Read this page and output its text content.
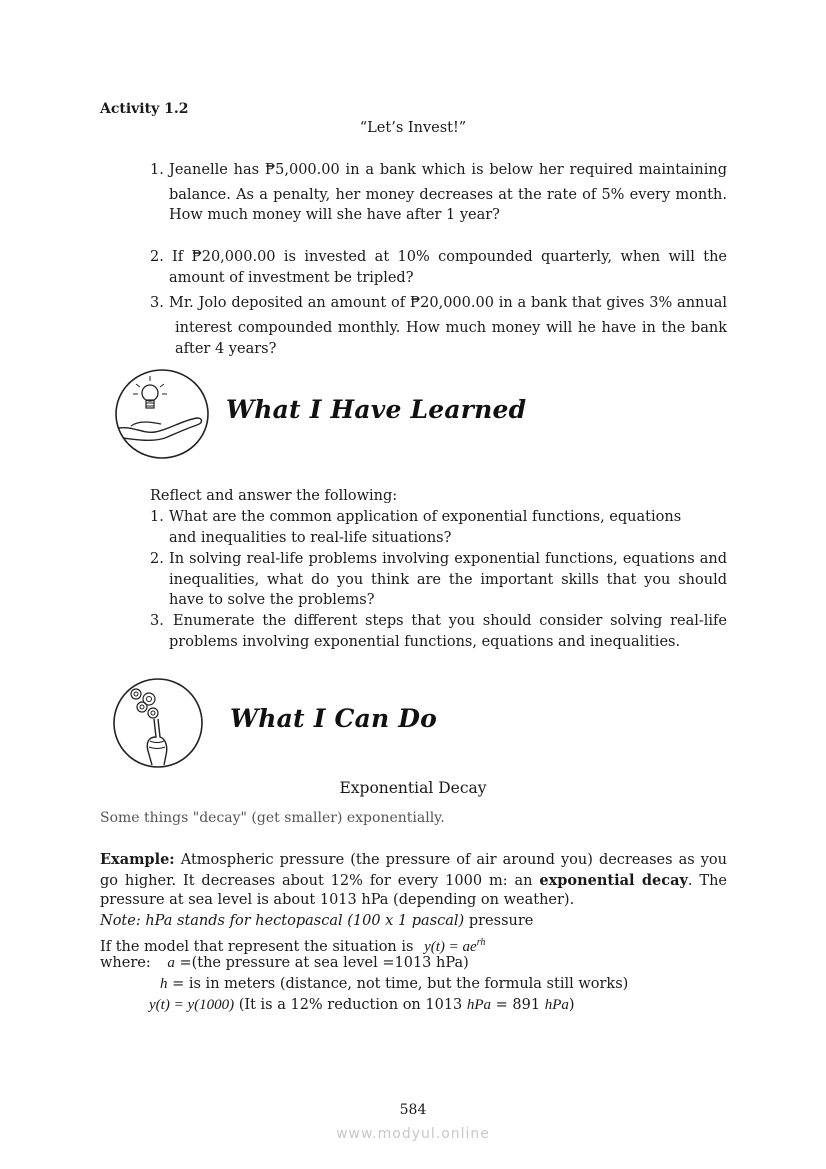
Activity 1.2
“Let’s Invest!”
1. Jeanelle has ₱5,000.00 in a bank which is below her required maintaining
balance. As a penalty, her money decreases at the rate of 5% every month.
How much money will she have after 1 year?
2. If ₱20,000.00 is invested at 10% compounded quarterly, when will the
amount of investment be tripled?
3. Mr. Jolo deposited an amount of ₱20,000.00 in a bank that gives 3% annual
interest compounded monthly. How much money will he have in the bank
after 4 years?
What I Have Learned
Reflect and answer the following:
1. What are the common application of exponential functions, equations
and inequalities to real-life situations?
2. In solving real-life problems involving exponential functions, equations and
inequalities, what do you think are the important skills that you should
have to solve the problems?
3. Enumerate the different steps that you should consider solving real-life
problems involving exponential functions, equations and inequalities.
What I Can Do
Exponential Decay
Some things "decay" (get smaller) exponentially.
Example: Atmospheric pressure (the pressure of air around you) decreases as you
go higher. It decreases about 12% for every 1000 m: an exponential decay. The
pressure at sea level is about 1013 hPa (depending on weather).
Note: hPa stands for hectopascal (100 x 1 pascal) pressure
If the model that represent the situation is $y(t) = ae^{rh}$
where: a =(the pressure at sea level =1013 hPa)
h = is in meters (distance, not time, but the formula still works)
y(t) = y(1000) (It is a 12% reduction on 1013 hPa = 891 hPa)
584
www.modyul.online
